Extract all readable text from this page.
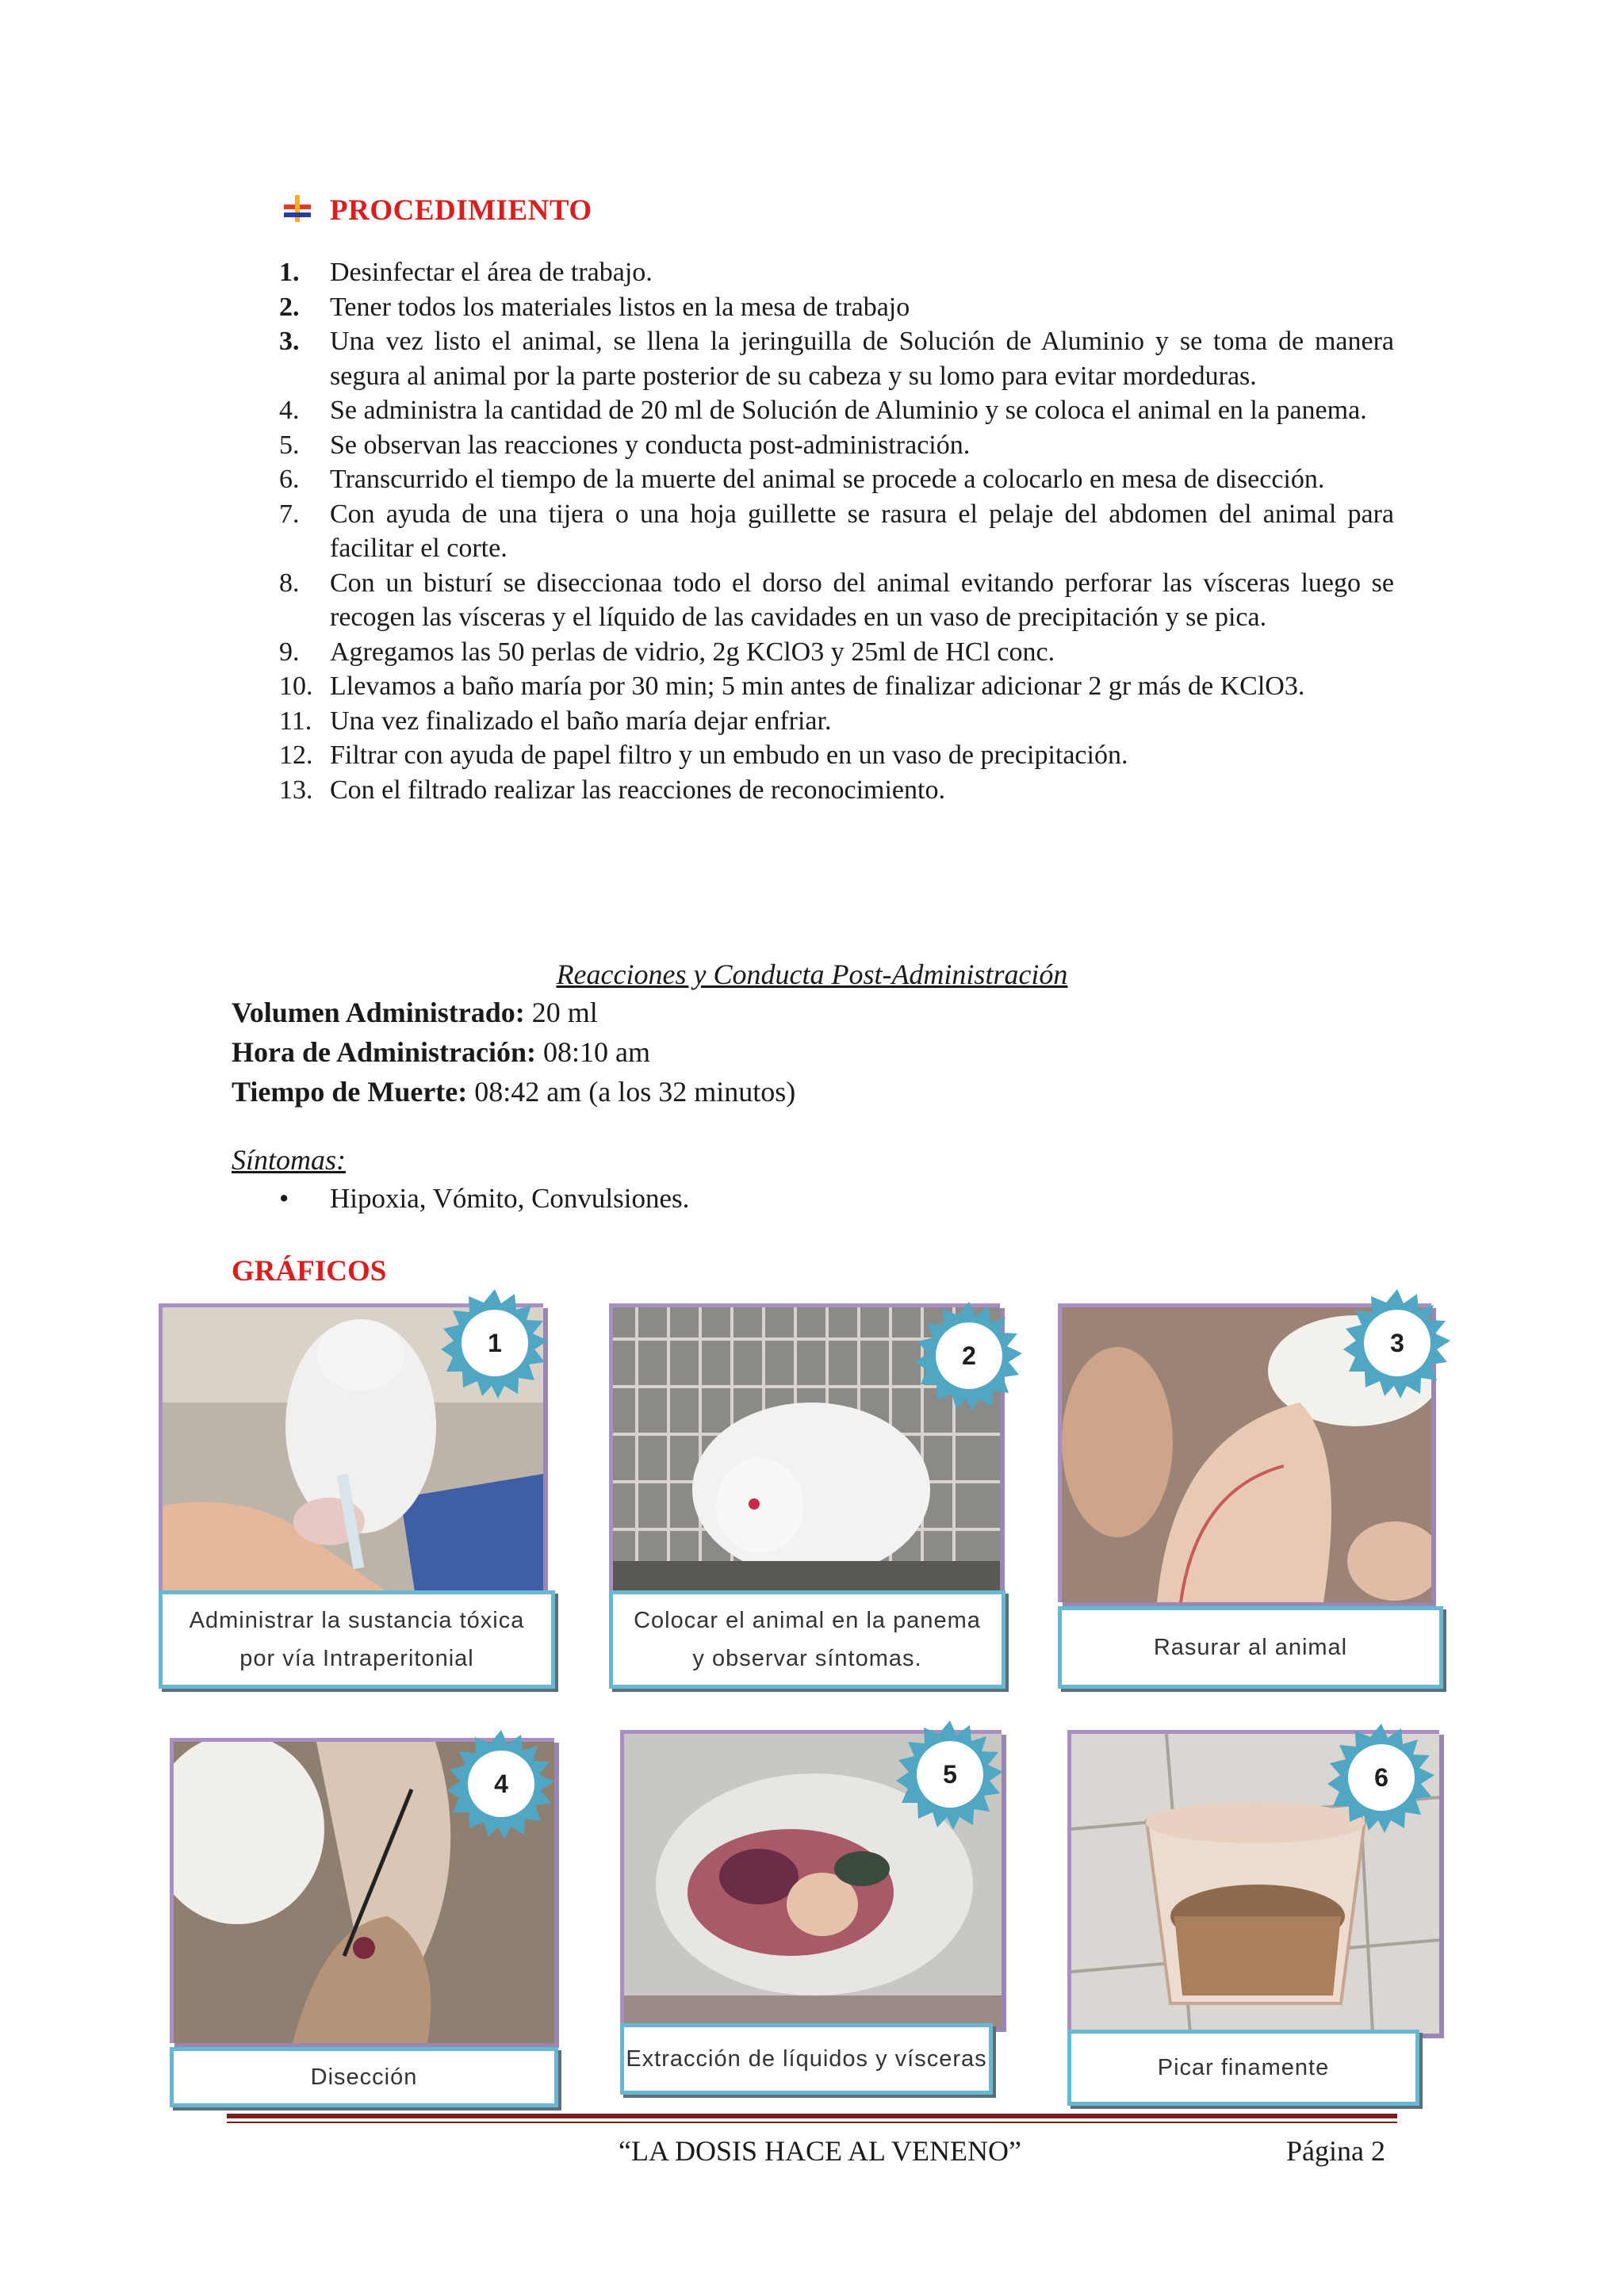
PROCEDIMIENTO
1.	Desinfectar el área de trabajo.
2.	Tener todos los materiales listos en la mesa de trabajo
3.	Una vez listo el animal, se llena la jeringuilla de Solución de Aluminio y se toma de manera segura al animal por la parte posterior de su cabeza y su lomo para evitar mordeduras.
4.	Se administra la cantidad de 20 ml de Solución de Aluminio y se coloca el animal en la panema.
5.	Se observan las reacciones y conducta post-administración.
6.	Transcurrido el tiempo de la muerte del animal se procede a colocarlo en mesa de disección.
7.	Con ayuda de una tijera o una hoja guillette se rasura el pelaje del abdomen del animal para facilitar el corte.
8.	Con un bisturí se diseccionaa todo el dorso del animal evitando perforar las vísceras luego se recogen las vísceras y el líquido de las cavidades en un vaso de precipitación y se pica.
9.	Agregamos las 50 perlas de vidrio, 2g KClO3 y 25ml de HCl conc.
10. Llevamos a baño maría por 30 min; 5 min antes de finalizar adicionar 2 gr más de KClO3.
11. Una vez finalizado el baño maría dejar enfriar.
12. Filtrar con ayuda de papel filtro y un embudo en un vaso de precipitación.
13. Con el filtrado realizar las reacciones de reconocimiento.
Reacciones y Conducta Post-Administración
Volumen Administrado: 20 ml
Hora de Administración: 08:10 am
Tiempo de Muerte: 08:42 am (a los 32 minutos)
Síntomas:
•	Hipoxia, Vómito, Convulsiones.
GRÁFICOS
Administrar la sustancia tóxica
por vía Intraperitonial
1
Colocar el animal en la panema
y observar síntomas.
2
Rasurar al animal
3
Disección
4
Extracción de líquidos y vísceras
5
Picar finamente
6
“LA DOSIS HACE AL VENENO”	Página 2
